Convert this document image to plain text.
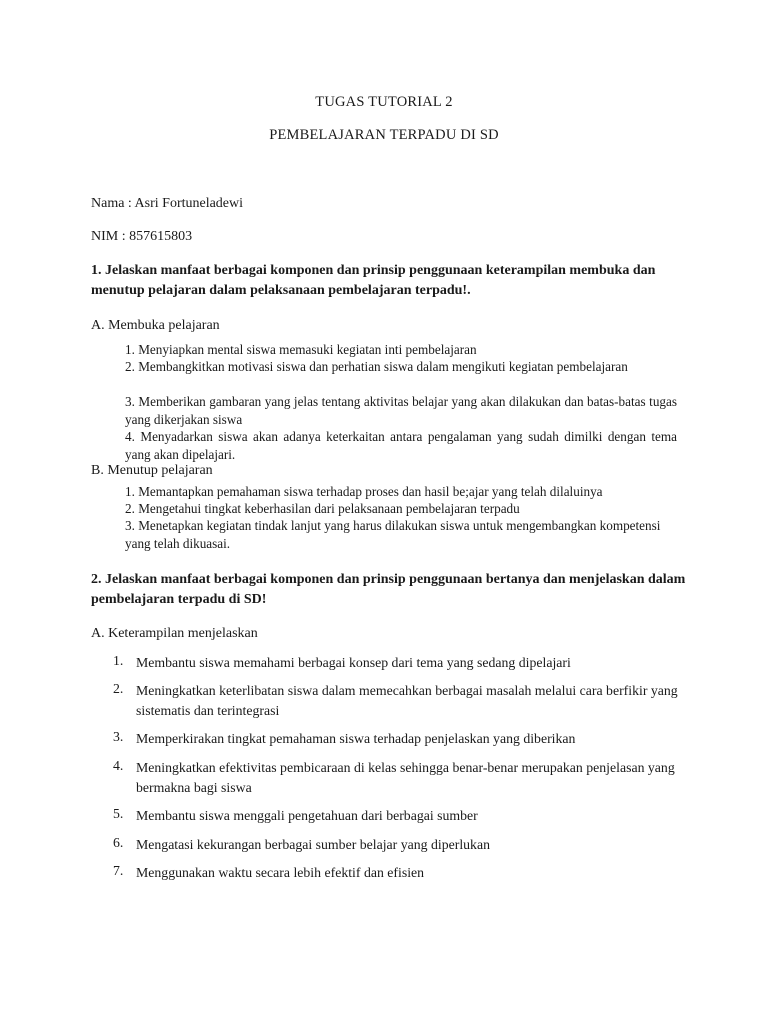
TUGAS TUTORIAL 2
PEMBELAJARAN TERPADU DI SD
Nama : Asri Fortuneladewi
NIM : 857615803
1. Jelaskan manfaat berbagai komponen dan prinsip penggunaan keterampilan membuka dan menutup pelajaran dalam pelaksanaan pembelajaran terpadu!.
A. Membuka pelajaran
1. Menyiapkan mental siswa memasuki kegiatan inti pembelajaran
2. Membangkitkan motivasi siswa dan perhatian siswa dalam mengikuti kegiatan pembelajaran
3. Memberikan gambaran yang jelas tentang aktivitas belajar yang akan dilakukan dan batas-batas tugas yang dikerjakan siswa
4. Menyadarkan siswa akan adanya keterkaitan antara pengalaman yang sudah dimilki dengan tema yang akan dipelajari.
B. Menutup pelajaran
1. Memantapkan pemahaman siswa terhadap proses dan hasil be;ajar yang telah dilaluinya
2. Mengetahui tingkat keberhasilan dari pelaksanaan pembelajaran terpadu
3. Menetapkan kegiatan tindak lanjut yang harus dilakukan siswa untuk mengembangkan kompetensi yang telah dikuasai.
2. Jelaskan manfaat berbagai komponen dan prinsip penggunaan bertanya dan menjelaskan dalam pembelajaran terpadu di SD!
A. Keterampilan menjelaskan
1. Membantu siswa memahami berbagai konsep dari tema yang sedang dipelajari
2. Meningkatkan keterlibatan siswa dalam memecahkan berbagai masalah melalui cara berfikir yang sistematis dan terintegrasi
3. Memperkirakan tingkat pemahaman siswa terhadap penjelaskan yang diberikan
4. Meningkatkan efektivitas pembicaraan di kelas sehingga benar-benar merupakan penjelasan yang bermakna bagi siswa
5. Membantu siswa menggali pengetahuan dari berbagai sumber
6. Mengatasi kekurangan berbagai sumber belajar yang diperlukan
7. Menggunakan waktu secara lebih efektif dan efisien
